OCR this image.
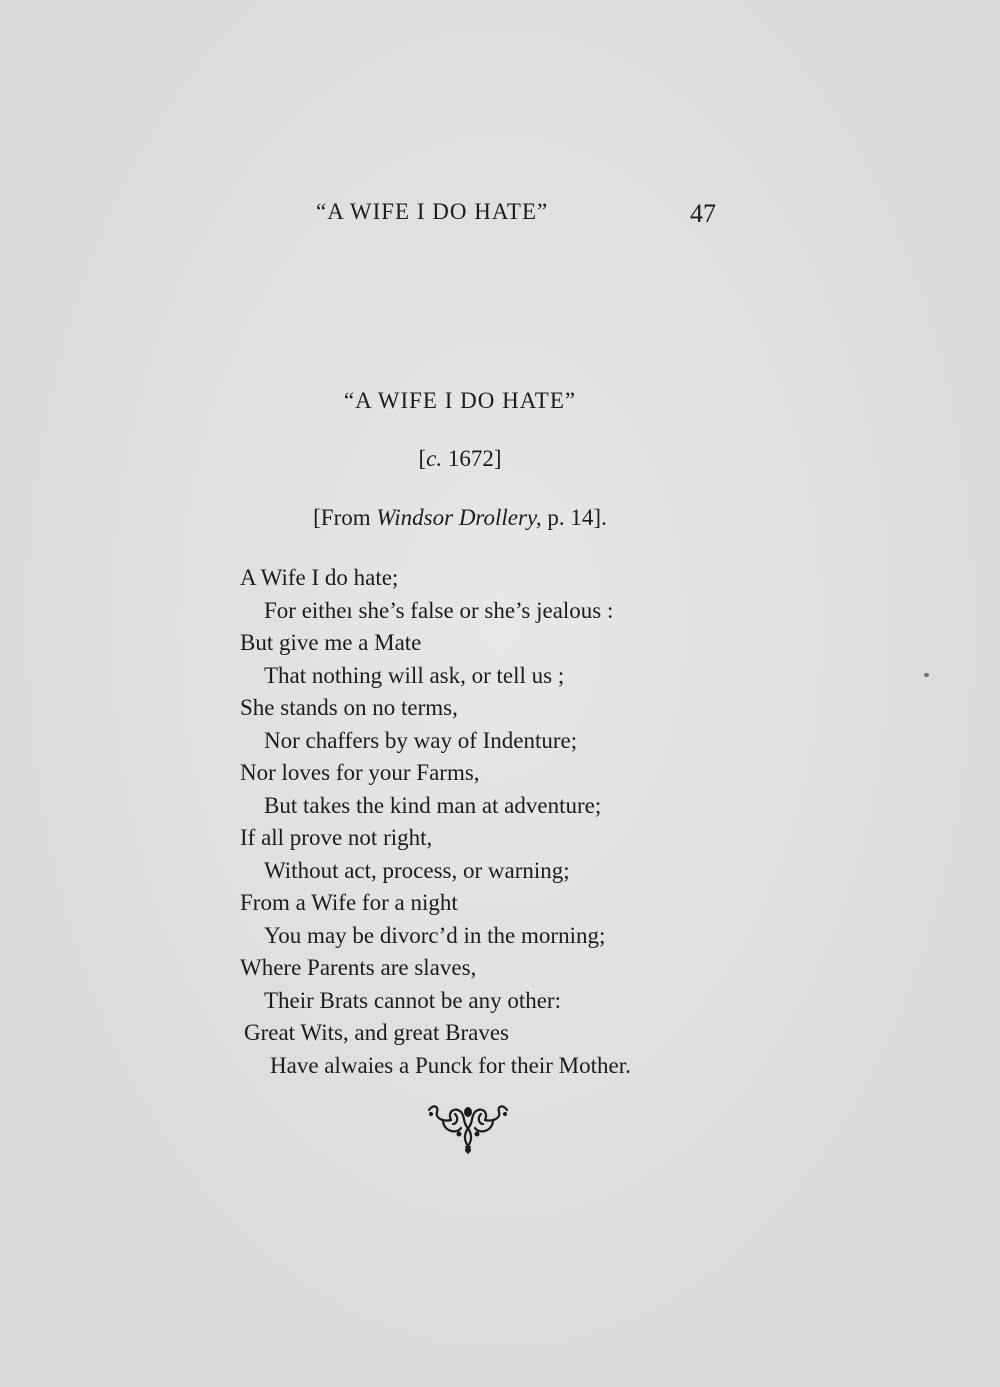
“A WIFE I DO HATE”	47
“A WIFE I DO HATE”
[c. 1672]
[From Windsor Drollery, p. 14].
A Wife I do hate;
For eitheı she’s false or she’s jealous :
But give me a Mate
That nothing will ask, or tell us ;
She stands on no terms,
Nor chaffers by way of Indenture;
Nor loves for your Farms,
But takes the kind man at adventure;
If all prove not right,
Without act, process, or warning;
From a Wife for a night
You may be divorc’d in the morning;
Where Parents are slaves,
Their Brats cannot be any other:
Great Wits, and great Braves
Have alwaies a Punck for their Mother.
